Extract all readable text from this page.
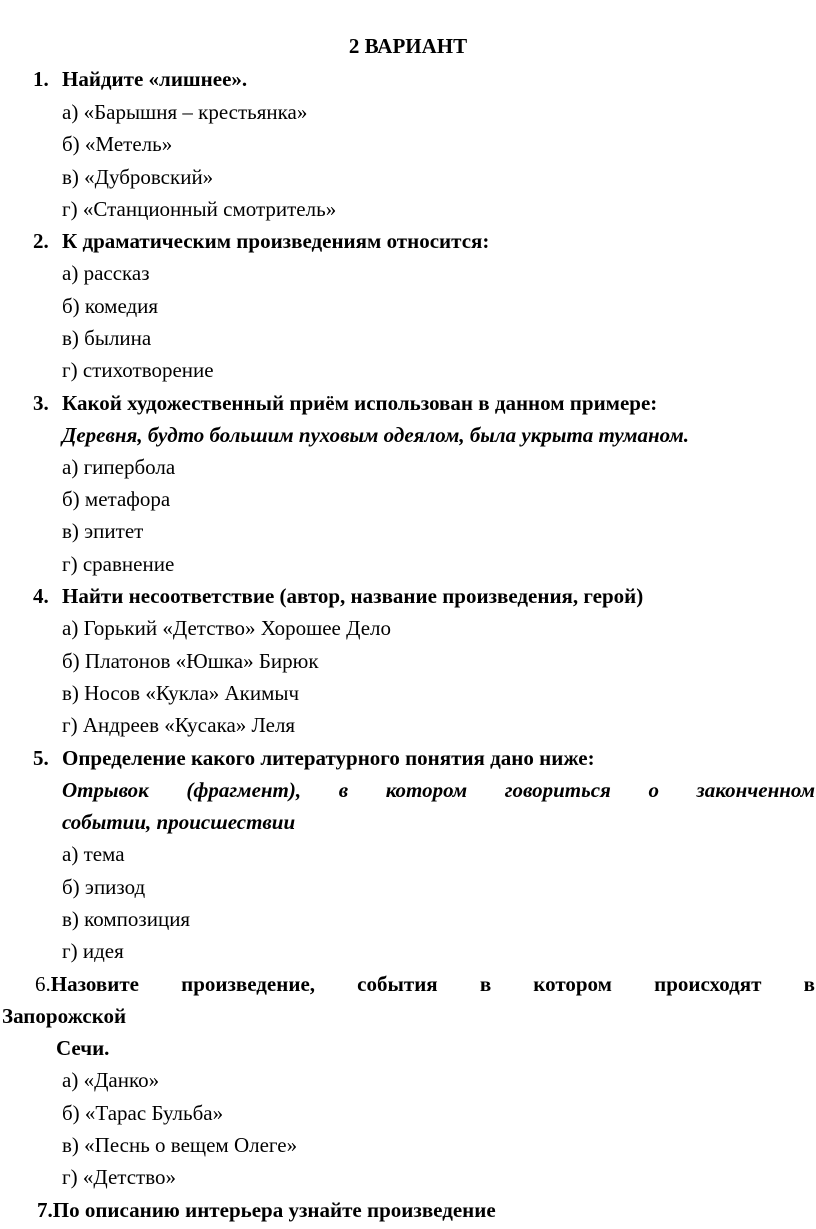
2 ВАРИАНТ
1. Найдите «лишнее».
а) «Барышня – крестьянка»
б) «Метель»
в) «Дубровский»
г) «Станционный смотритель»
2. К драматическим произведениям относится:
а) рассказ
б) комедия
в) былина
г) стихотворение
3. Какой художественный приём использован в данном примере:
Деревня, будто большим пуховым одеялом, была укрыта туманом.
а) гипербола
б) метафора
в) эпитет
г) сравнение
4. Найти несоответствие (автор, название произведения, герой)
а) Горький «Детство» Хорошее Дело
б) Платонов «Юшка» Бирюк
в) Носов «Кукла» Акимыч
г) Андреев «Кусака» Леля
5. Определение какого литературного понятия дано ниже:
Отрывок (фрагмент), в котором говориться о законченном
событии, происшествии
а) тема
б) эпизод
в) композиция
г) идея
6.Назовите произведение, события в котором происходят в
Запорожской
Сечи.
а) «Данко»
б) «Тарас Бульба»
в) «Песнь о вещем Олеге»
г) «Детство»
7.По описанию интерьера узнайте произведение
